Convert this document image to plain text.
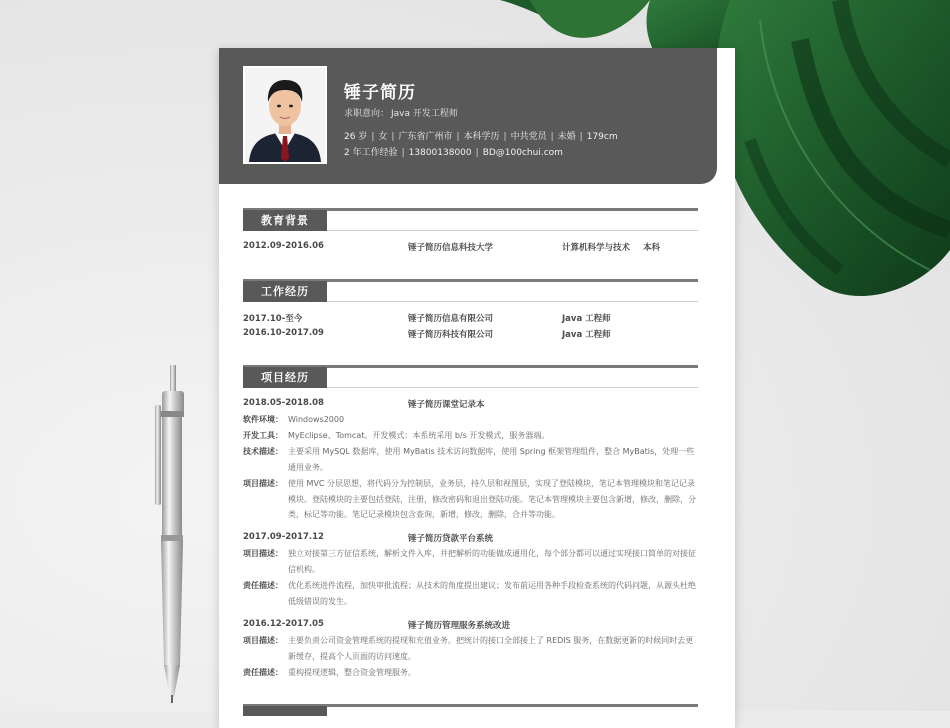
锤子简历
求职意向： Java 开发工程师
26 岁 | 女 | 广东省广州市 | 本科学历 | 中共党员 | 未婚 | 179cm
2 年工作经验 | 13800138000 | BD@100chui.com
教育背景
2012.09-2016.06	锤子简历信息科技大学	计算机科学与技术 本科
工作经历
2017.10-至今	锤子简历信息有限公司	Java 工程师
2016.10-2017.09	锤子简历科技有限公司	Java 工程师
项目经历
2018.05-2018.08	锤子简历课堂记录本
软件环境： Windows2000
开发工具： MyEclipse、Tomcat。开发模式：本系统采用 b/s 开发模式，服务器端。
技术描述： 主要采用 MySQL 数据库，使用 MyBatis 技术访问数据库，使用 Spring 框架管理组件，整合 MyBatis，处理一些通用业务。
项目描述： 使用 MVC 分层思想，将代码分为控制层，业务层，持久层和视图层，实现了登陆模块，笔记本管理模块和笔记记录模块。登陆模块的主要包括登陆，注册，修改密码和退出登陆功能。笔记本管理模块主要包含新增，修改，删除，分类，标记等功能。笔记记录模块包含查询，新增，修改，删除，合并等功能。
2017.09-2017.12	锤子简历贷款平台系统
项目描述： 独立对接第三方征信系统，解析文件入库，并把解析的功能做成通用化，每个部分都可以通过实现接口简单的对接征信机构。
责任描述： 优化系统进件流程，加快审批流程；从技术的角度提出建议；发布前运用各种手段检查系统的代码问题，从源头杜绝低级错误的发生。
2016.12-2017.05	锤子简历管理服务系统改进
项目描述： 主要负责公司资金管理系统的提现和充值业务。把统计的接口全部接上了 REDIS 服务，在数据更新的时候同时去更新缓存，提高个人页面的访问速度。
责任描述： 重构提现逻辑，整合资金管理服务。
